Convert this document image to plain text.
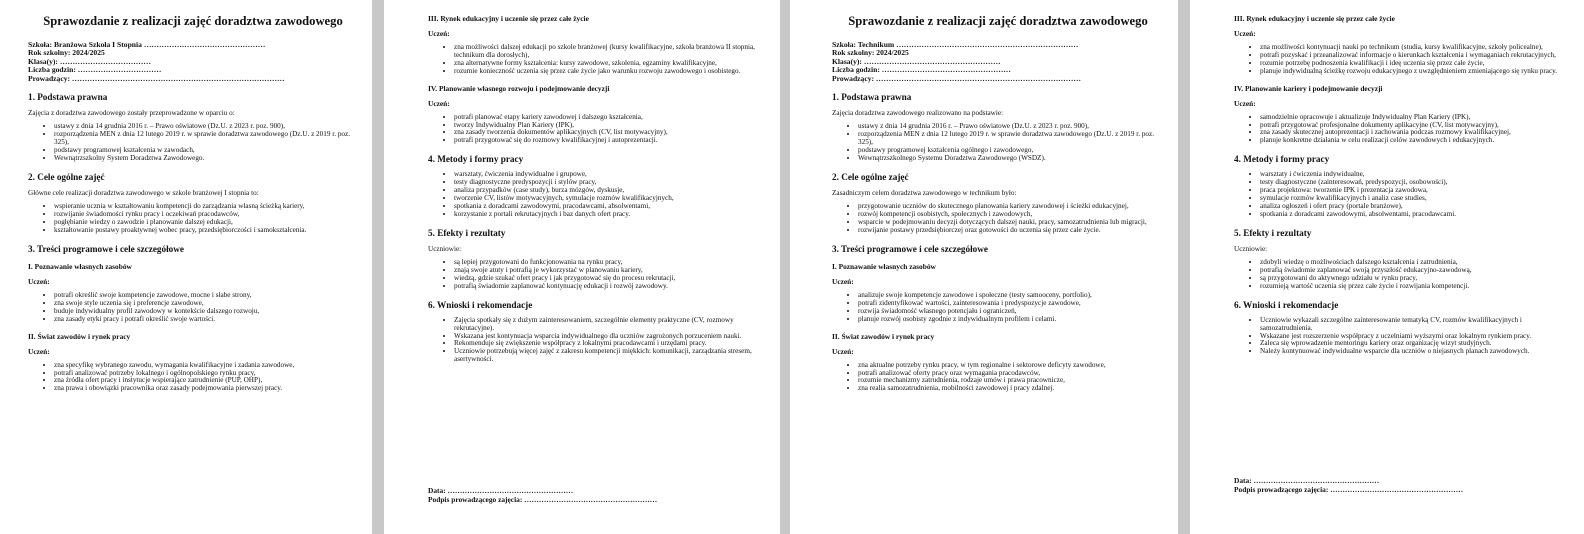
Sprawozdanie z realizacji zajęć doradztwa zawodowego
Szkoła: Branżowa Szkoła I Stopnia …………………………………………
Rok szkolny: 2024/2025
Klasa(y): ………………………………
Liczba godzin: ……………………………
Prowadzący: …………………………………………………………………………
1. Podstawa prawna

Zajęcia z doradztwa zawodowego zostały przeprowadzone w oparciu o:

• ustawy z dnia 14 grudnia 2016 r. – Prawo oświatowe (Dz.U. z 2023 r. poz. 900),
• rozporządzenia MEN z dnia 12 lutego 2019 r. w sprawie doradztwa zawodowego (Dz.U. z 2019 r. poz. 325),
• podstawy programowej kształcenia w zawodach,
• Wewnątrzszkolny System Doradztwa Zawodowego.
2. Cele ogólne zajęć

Główne cele realizacji doradztwa zawodowego w szkole branżowej I stopnia to:

• wspieranie ucznia w kształtowaniu kompetencji do zarządzania własną ścieżką kariery,
• rozwijanie świadomości rynku pracy i oczekiwań pracodawców,
• pogłębianie wiedzy o zawodzie i planowanie dalszej edukacji,
• kształtowanie postawy proaktywnej wobec pracy, przedsiębiorczości i samokształcenia.
3. Treści programowe i cele szczegółowe
I. Poznawanie własnych zasobów
Uczeń:
• potrafi określić swoje kompetencje zawodowe, mocne i słabe strony,
• zna swoje style uczenia się i preferencje zawodowe,
• buduje indywidualny profil zawodowy w kontekście dalszego rozwoju,
• zna zasady etyki pracy i potrafi określić swoje wartości.
II. Świat zawodów i rynek pracy
Uczeń:
• zna specyfikę wybranego zawodu, wymagania kwalifikacyjne i zadania zawodowe,
• potrafi analizować potrzeby lokalnego i ogólnopolskiego rynku pracy,
• zna źródła ofert pracy i instytucje wspierające zatrudnienie (PUP, OHP),
• zna prawa i obowiązki pracownika oraz zasady podejmowania pierwszej pracy.
III. Rynek edukacyjny i uczenie się przez całe życie
Uczeń:
• zna możliwości dalszej edukacji po szkole branżowej (kursy kwalifikacyjne, szkoła branżowa II stopnia, technikum dla dorosłych),
• zna alternatywne formy kształcenia: kursy zawodowe, szkolenia, egzaminy kwalifikacyjne,
• rozumie konieczność uczenia się przez całe życie jako warunku rozwoju zawodowego i osobistego.
IV. Planowanie własnego rozwoju i podejmowanie decyzji
Uczeń:
• potrafi planować etapy kariery zawodowej i dalszego kształcenia,
• tworzy Indywidualny Plan Kariery (IPK),
• zna zasady tworzenia dokumentów aplikacyjnych (CV, list motywacyjny),
• potrafi przygotować się do rozmowy kwalifikacyjnej i autoprezentacji.
4. Metody i formy pracy
• warsztaty, ćwiczenia indywidualne i grupowe,
• testy diagnostyczne predyspozycji i stylów pracy,
• analiza przypadków (case study), burza mózgów, dyskusje,
• tworzenie CV, listów motywacyjnych, symulacje rozmów kwalifikacyjnych,
• spotkania z doradcami zawodowymi, pracodawcami, absolwentami,
• korzystanie z portali rekrutacyjnych i baz danych ofert pracy.
5. Efekty i rezultaty

Uczniowie:

• są lepiej przygotowani do funkcjonowania na rynku pracy,
• znają swoje atuty i potrafią je wykorzystać w planowaniu kariery,
• wiedzą, gdzie szukać ofert pracy i jak przygotować się do procesu rekrutacji,
• potrafią świadomie zaplanować kontynuację edukacji i rozwój zawodowy.
6. Wnioski i rekomendacje
• Zajęcia spotkały się z dużym zainteresowaniem, szczególnie elementy praktyczne (CV, rozmowy rekrutacyjne).
• Wskazana jest kontynuacja wsparcia indywidualnego dla uczniów zagrożonych porzuceniem nauki.
• Rekomenduje się zwiększenie współpracy z lokalnymi pracodawcami i urzędami pracy.
• Uczniowie potrzebują więcej zajęć z zakresu kompetencji miękkich: komunikacji, zarządzania stresem, asertywności.
Data: ……………………………………………
Podpis prowadzącego zajęcia: ………………………………………………
Sprawozdanie z realizacji zajęć doradztwa zawodowego
Szkoła: Technikum ………………………………………………………………
Rok szkolny: 2024/2025
Klasa(y): ………………………………………………
Liczba godzin: ……………………………………………
Prowadzący: ………………………………………………………………………
1. Podstawa prawna

Zajęcia doradztwa zawodowego realizowano na podstawie:

• ustawy z dnia 14 grudnia 2016 r. – Prawo oświatowe (Dz.U. z 2023 r. poz. 900),
• rozporządzenia MEN z dnia 12 lutego 2019 r. w sprawie doradztwa zawodowego (Dz.U. z 2019 r. poz. 325),
• podstawy programowej kształcenia ogólnego i zawodowego,
• Wewnątrzszkolnego Systemu Doradztwa Zawodowego (WSDZ).
2. Cele ogólne zajęć

Zasadniczym celem doradztwa zawodowego w technikum było:

• przygotowanie uczniów do skutecznego planowania kariery zawodowej i ścieżki edukacyjnej,
• rozwój kompetencji osobistych, społecznych i zawodowych,
• wsparcie w podejmowaniu decyzji dotyczących dalszej nauki, pracy, samozatrudnienia lub migracji,
• rozwijanie postawy przedsiębiorczej oraz gotowości do uczenia się przez całe życie.
3. Treści programowe i cele szczegółowe
I. Poznawanie własnych zasobów
Uczeń:
• analizuje swoje kompetencje zawodowe i społeczne (testy samooceny, portfolio),
• potrafi zidentyfikować wartości, zainteresowania i predyspozycje zawodowe,
• rozwija świadomość własnego potencjału i ograniczeń,
• planuje rozwój osobisty zgodnie z indywidualnym profilem i celami.
II. Świat zawodów i rynek pracy
Uczeń:
• zna aktualne potrzeby rynku pracy, w tym regionalne i sektorowe deficyty zawodowe,
• potrafi analizować oferty pracy oraz wymagania pracodawców,
• rozumie mechanizmy zatrudnienia, rodzaje umów i prawa pracownicze,
• zna realia samozatrudnienia, mobilności zawodowej i pracy zdalnej.
III. Rynek edukacyjny i uczenie się przez całe życie
Uczeń:
• zna możliwości kontynuacji nauki po technikum (studia, kursy kwalifikacyjne, szkoły policealne),
• potrafi pozyskać i przeanalizować informacje o kierunkach kształcenia i wymaganiach rekrutacyjnych,
• rozumie potrzebę podnoszenia kwalifikacji i ideę uczenia się przez całe życie,
• planuje indywidualną ścieżkę rozwoju edukacyjnego z uwzględnieniem zmieniającego się rynku pracy.
IV. Planowanie kariery i podejmowanie decyzji
Uczeń:
• samodzielnie opracowuje i aktualizuje Indywidualny Plan Kariery (IPK),
• potrafi przygotować profesjonalne dokumenty aplikacyjne (CV, list motywacyjny),
• zna zasady skutecznej autoprezentacji i zachowania podczas rozmowy kwalifikacyjnej,
• planuje konkretne działania w celu realizacji celów zawodowych i edukacyjnych.
4. Metody i formy pracy
• warsztaty i ćwiczenia indywidualne,
• testy diagnostyczne (zainteresowań, predyspozycji, osobowości),
• praca projektowa: tworzenie IPK i prezentacja zawodowa,
• symulacje rozmów kwalifikacyjnych i analiz case studies,
• analiza ogłoszeń i ofert pracy (portale branżowe),
• spotkania z doradcami zawodowymi, absolwentami, pracodawcami.
5. Efekty i rezultaty

Uczniowie:

• zdobyli wiedzę o możliwościach dalszego kształcenia i zatrudnienia,
• potrafią świadomie zaplanować swoją przyszłość edukacyjno-zawodową,
• są przygotowani do aktywnego udziału w rynku pracy,
• rozumieją wartość uczenia się przez całe życie i rozwijania kompetencji.
6. Wnioski i rekomendacje
• Uczniowie wykazali szczególne zainteresowanie tematyką CV, rozmów kwalifikacyjnych i samozatrudnienia.
• Wskazane jest rozszerzenie współpracy z uczelniami wyższymi oraz lokalnym rynkiem pracy.
• Zaleca się wprowadzenie mentoringu kariery oraz organizację wizyt studyjnych.
• Należy kontynuować indywidualne wsparcie dla uczniów o niejasnych planach zawodowych.
Data: ……………………………………………
Podpis prowadzącego zajęcia: ………………………………………………
